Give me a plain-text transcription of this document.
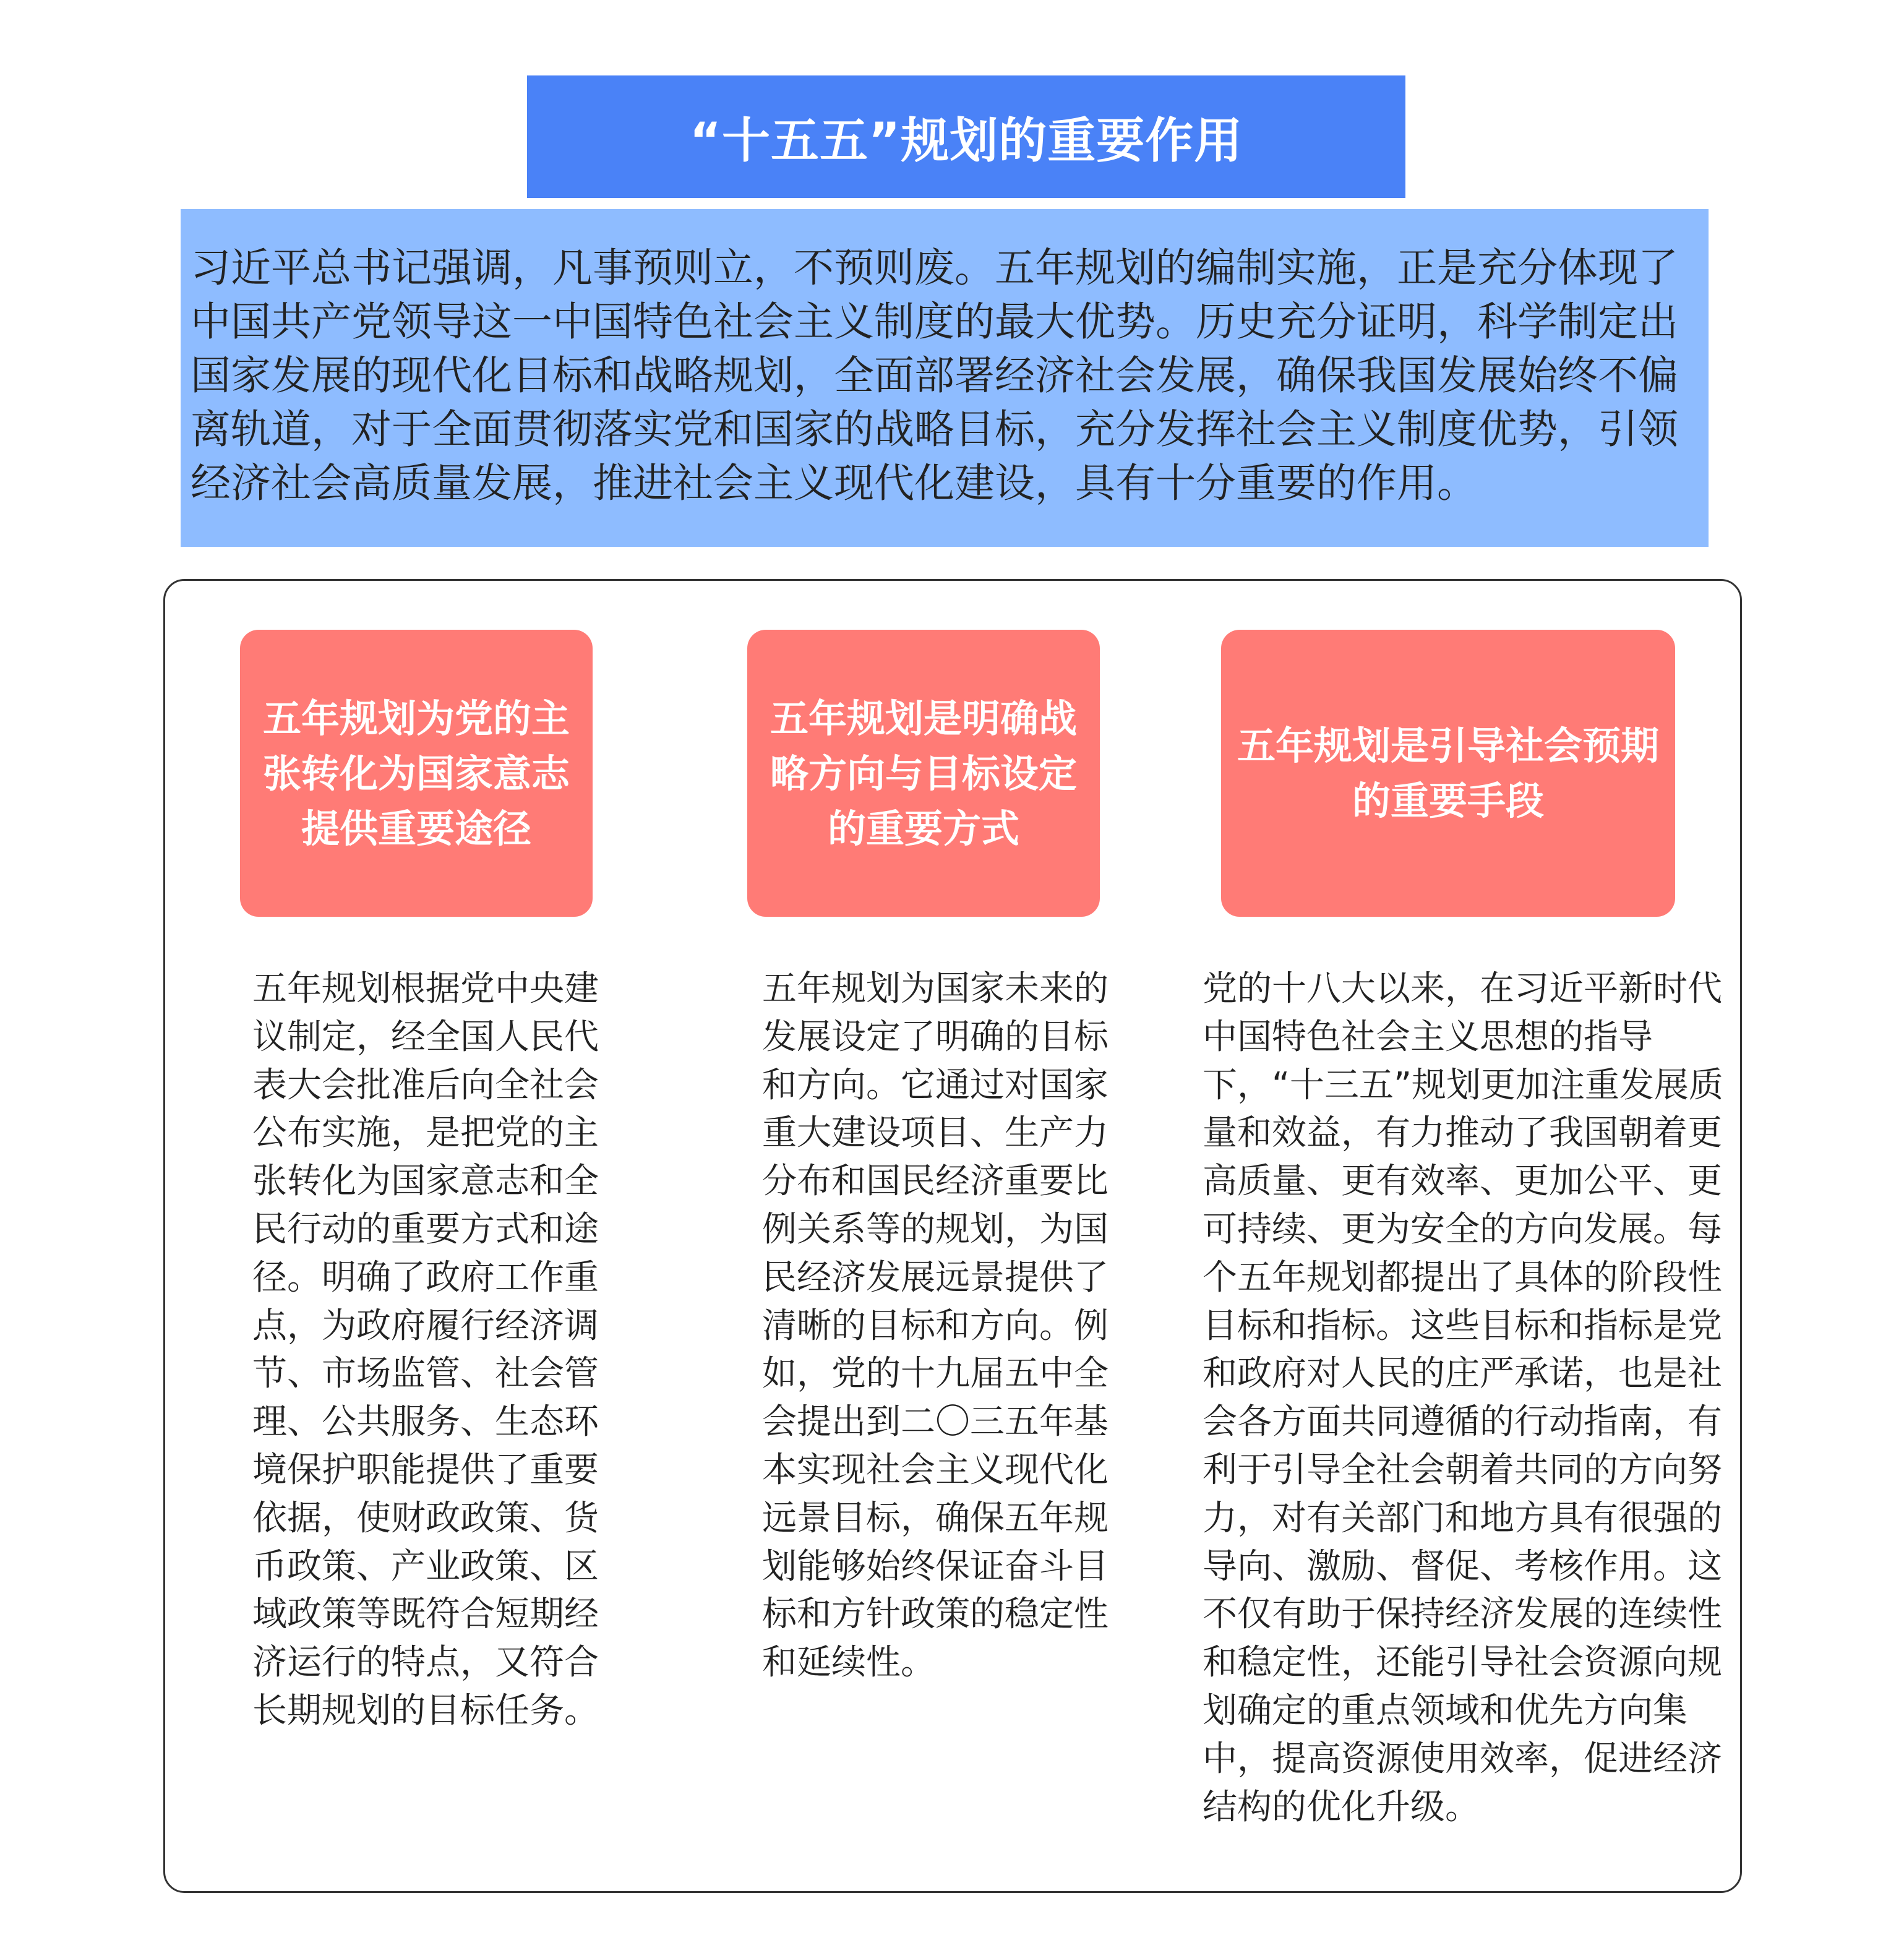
“十五五”规划的重要作用

习近平总书记强调，凡事预则立，不预则废。五年规划的编制实施，正是充分体现了中国共产党领导这一中国特色社会主义制度的最大优势。历史充分证明，科学制定出国家发展的现代化目标和战略规划，全面部署经济社会发展，确保我国发展始终不偏离轨道，对于全面贯彻落实党和国家的战略目标，充分发挥社会主义制度优势，引领经济社会高质量发展，推进社会主义现代化建设，具有十分重要的作用。

五年规划为党的主张转化为国家意志提供重要途径

五年规划是明确战略方向与目标设定的重要方式

五年规划是引导社会预期的重要手段

五年规划根据党中央建议制定，经全国人民代表大会批准后向全社会公布实施，是把党的主张转化为国家意志和全民行动的重要方式和途径。明确了政府工作重点，为政府履行经济调节、市场监管、社会管理、公共服务、生态环境保护职能提供了重要依据，使财政政策、货币政策、产业政策、区域政策等既符合短期经济运行的特点，又符合长期规划的目标任务。

五年规划为国家未来的发展设定了明确的目标和方向。它通过对国家重大建设项目、生产力分布和国民经济重要比例关系等的规划，为国民经济发展远景提供了清晰的目标和方向。例如，党的十九届五中全会提出到二〇三五年基本实现社会主义现代化远景目标，确保五年规划能够始终保证奋斗目标和方针政策的稳定性和延续性。

党的十八大以来，在习近平新时代中国特色社会主义思想的指导下，“十三五”规划更加注重发展质量和效益，有力推动了我国朝着更高质量、更有效率、更加公平、更可持续、更为安全的方向发展。每个五年规划都提出了具体的阶段性目标和指标。这些目标和指标是党和政府对人民的庄严承诺，也是社会各方面共同遵循的行动指南，有利于引导全社会朝着共同的方向努力，对有关部门和地方具有很强的导向、激励、督促、考核作用。这不仅有助于保持经济发展的连续性和稳定性，还能引导社会资源向规划确定的重点领域和优先方向集中，提高资源使用效率，促进经济结构的优化升级。
